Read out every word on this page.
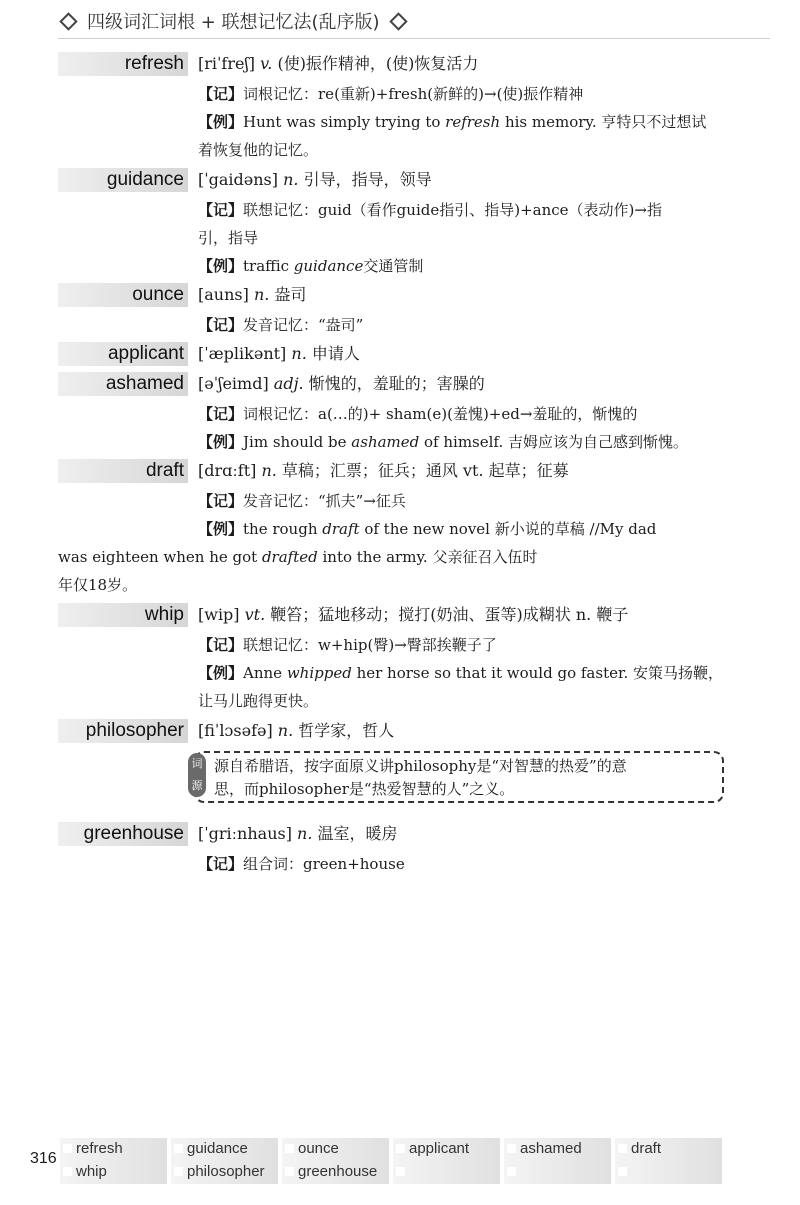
四级词汇词根 + 联想记忆法(乱序版)
refresh [riˈfreʃ] v. (使)振作精神，(使)恢复活力
【记】词根记忆：re(重新)+fresh(新鲜的)→(使)振作精神
【例】Hunt was simply trying to refresh his memory. 亨特只不过想试
着恢复他的记忆。
guidance [ˈgaidəns] n. 引导，指导，领导
【记】联想记忆：guid（看作guide指引、指导)+ance（表动作)→指
引，指导
【例】traffic guidance交通管制
ounce [auns] n. 盎司
【记】发音记忆：“盎司”
applicant [ˈæplikənt] n. 申请人
ashamed [əˈʃeimd] adj. 惭愧的，羞耻的；害臊的
【记】词根记忆：a(…的)+ sham(e)(羞愧)+ed→羞耻的，惭愧的
【例】Jim should be ashamed of himself. 吉姆应该为自己感到惭愧。
draft [drɑːft] n. 草稿；汇票；征兵；通风 vt. 起草；征募
【记】发音记忆：“抓夫”→征兵
【例】the rough draft of the new novel 新小说的草稿 //My dad
was eighteen when he got drafted into the army. 父亲征召入伍时
年仅18岁。
whip [wip] vt. 鞭笞；猛地移动；搅打(奶油、蛋等)成糊状 n. 鞭子
【记】联想记忆：w+hip(臀)→臀部挨鞭子了
【例】Anne whipped her horse so that it would go faster. 安策马扬鞭，
让马儿跑得更快。
philosopher [fiˈlɔsəfə] n. 哲学家，哲人
词源
源自希腊语，按字面原义讲philosophy是“对智慧的热爱”的意
思，而philosopher是“热爱智慧的人”之义。
greenhouse [ˈgriːnhaus] n. 温室，暖房
【记】组合词：green+house
316
refresh	guidance	ounce	applicant	ashamed	draft
whip	philosopher	greenhouse
